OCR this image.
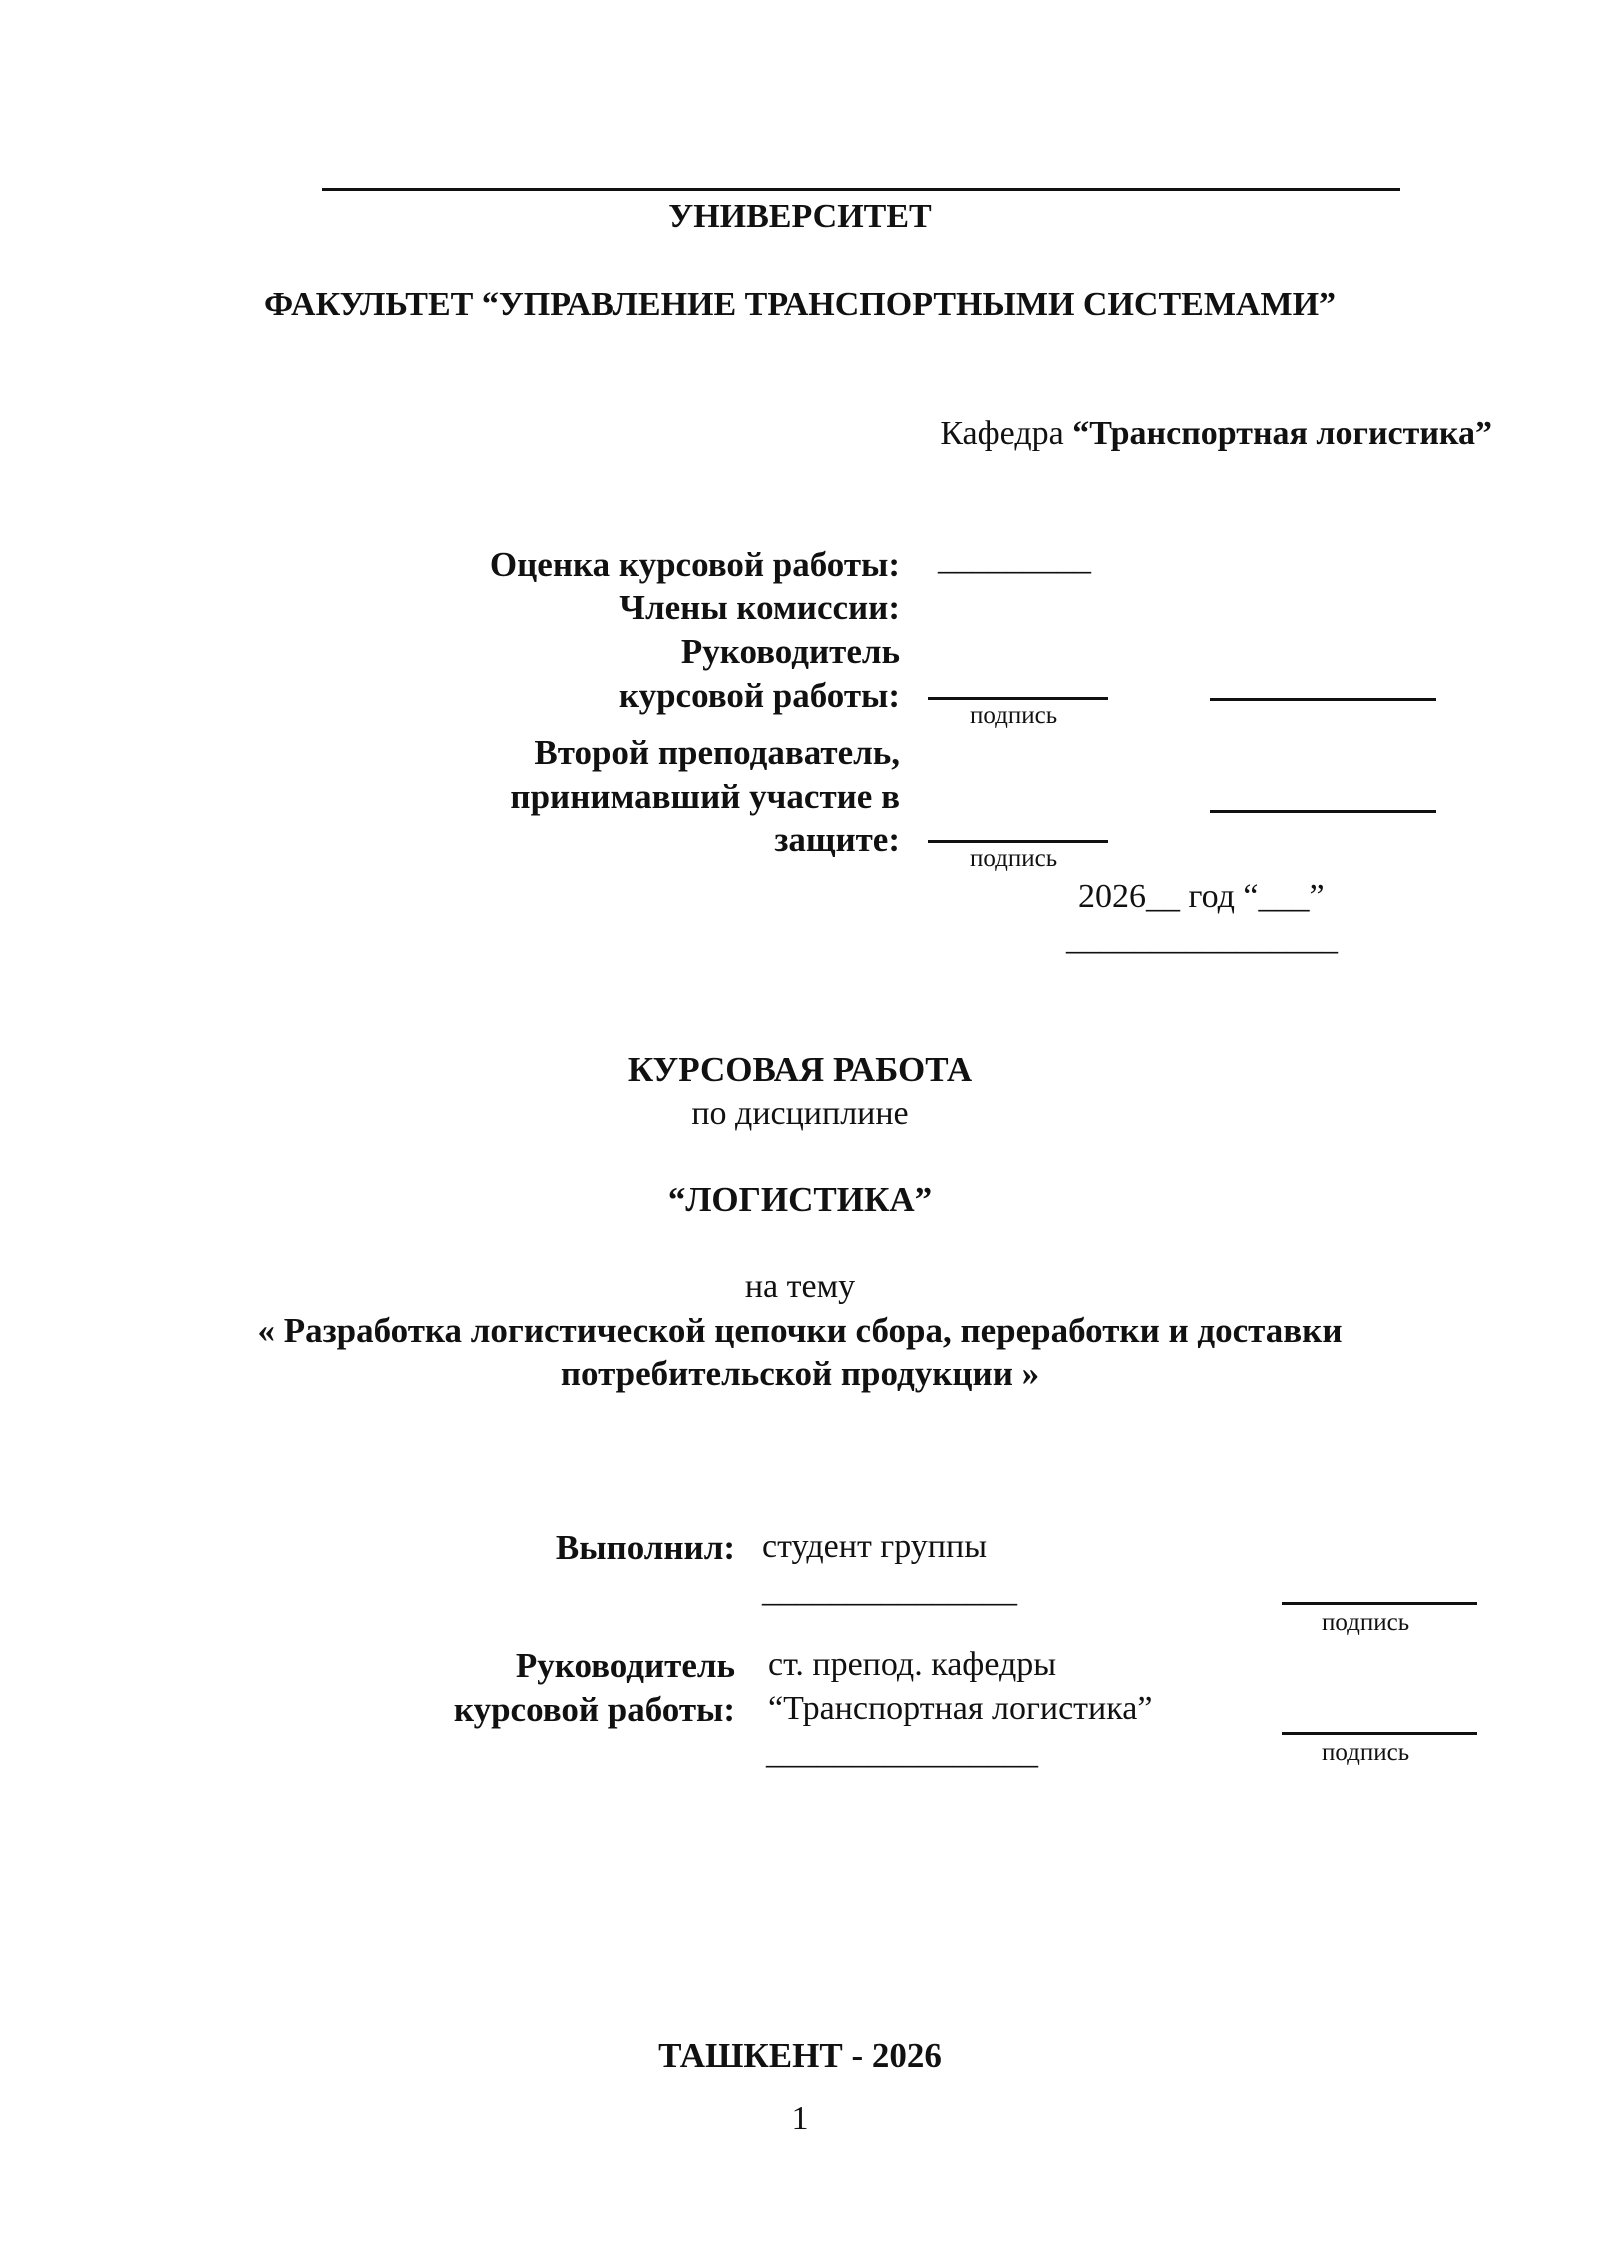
УНИВЕРСИТЕТ
ФАКУЛЬТЕТ “УПРАВЛЕНИЕ ТРАНСПОРТНЫМИ СИСТЕМАМИ”
Кафедра “Транспортная логистика”
Оценка курсовой работы: _________
Члены комиссии:
Руководитель
курсовой работы:
подпись
Второй преподаватель,
принимавший участие в
защите:	подпись
2026__ год “___”
________________
КУРСОВАЯ РАБОТА
по дисциплине
“ЛОГИСТИКА”
на тему
« Разработка логистической цепочки сбора, переработки и доставки
потребительской продукции »
Выполнил: студент группы
_______________
подпись
Руководитель
курсовой работы:
ст. препод. кафедры
“Транспортная логистика”
________________	подпись
ТАШКЕНТ - 2026
1
